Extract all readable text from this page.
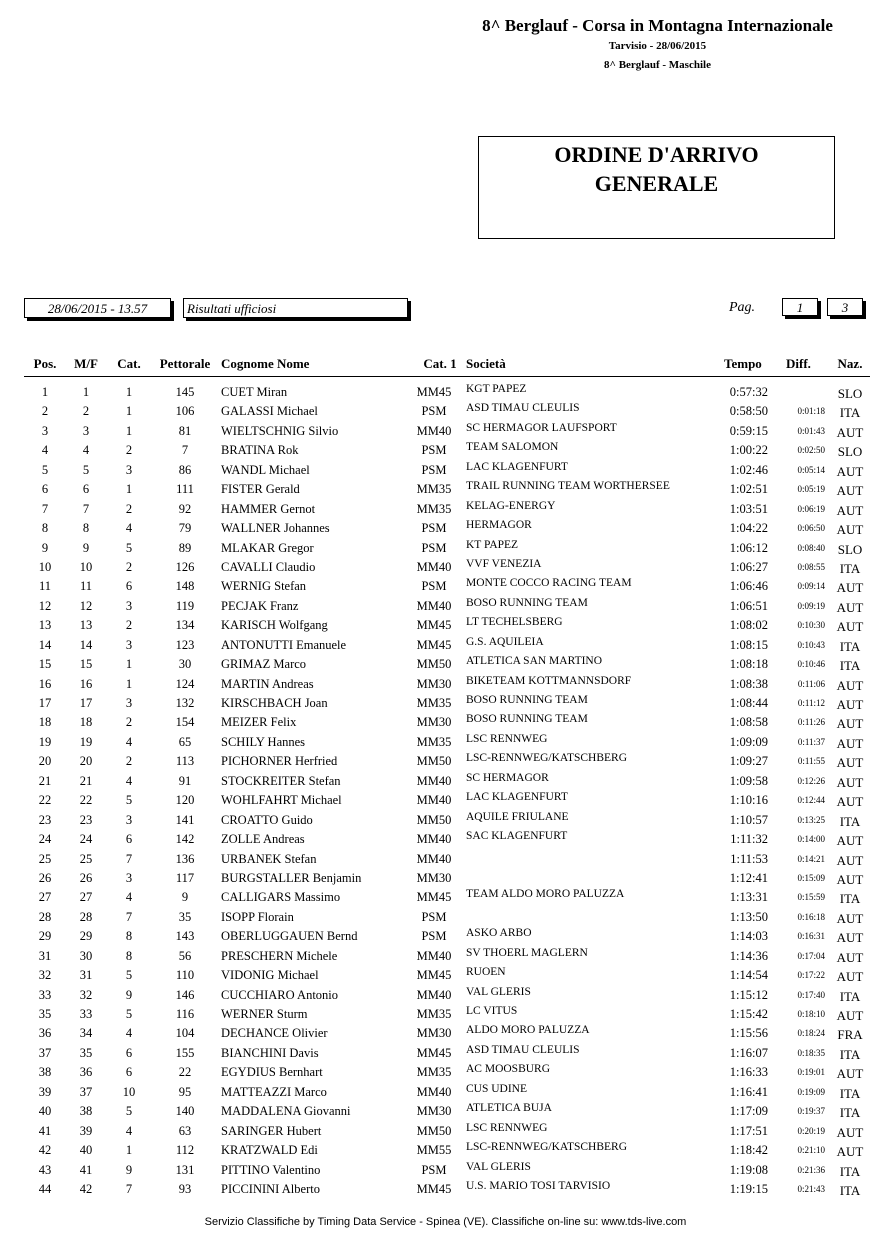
8^ Berglauf - Corsa in Montagna Internazionale
Tarvisio - 28/06/2015
8^ Berglauf - Maschile
ORDINE D'ARRIVO
GENERALE
28/06/2015 - 13.57	Risultati ufficiosi	Pag.	1	3
Pos.	M/F	Cat.	Pettorale Cognome Nome	Cat. 1 Società	Tempo	Diff.	Naz.
1	1	1	145	CUET Miran	MM45	KGT PAPEZ	0:57:32	SLO
2	2	1	106	GALASSI Michael	PSM	ASD TIMAU CLEULIS	0:58:50	0:01:18	ITA
3	3	1	81	WIELTSCHNIG Silvio	MM40	SC HERMAGOR LAUFSPORT	0:59:15	0:01:43 AUT
4	4	2	7	BRATINA Rok	PSM	TEAM SALOMON	1:00:22	0:02:50 SLO
5	5	3	86	WANDL Michael	PSM	LAC KLAGENFURT	1:02:46	0:05:14 AUT
6	6	1	111	FISTER Gerald	MM35	TRAIL RUNNING TEAM WORTHERSEE	1:02:51	0:05:19 AUT
7	7	2	92	HAMMER Gernot	MM35	KELAG-ENERGY	1:03:51	0:06:19 AUT
8	8	4	79	WALLNER Johannes	PSM	HERMAGOR	1:04:22	0:06:50 AUT
9	9	5	89	MLAKAR Gregor	PSM	KT PAPEZ	1:06:12	0:08:40 SLO
10	10	2	126	CAVALLI Claudio	MM40	VVF VENEZIA	1:06:27	0:08:55	ITA
11	11	6	148	WERNIG Stefan	PSM	MONTE COCCO RACING TEAM	1:06:46	0:09:14 AUT
12	12	3	119	PECJAK Franz	MM40	BOSO RUNNING TEAM	1:06:51	0:09:19 AUT
13	13	2	134	KARISCH Wolfgang	MM45	LT TECHELSBERG	1:08:02	0:10:30 AUT
14	14	3	123	ANTONUTTI Emanuele	MM45	G.S. AQUILEIA	1:08:15	0:10:43	ITA
15	15	1	30	GRIMAZ Marco	MM50	ATLETICA SAN MARTINO	1:08:18	0:10:46	ITA
16	16	1	124	MARTIN Andreas	MM30	BIKETEAM KOTTMANNSDORF	1:08:38	0:11:06 AUT
17	17	3	132	KIRSCHBACH Joan	MM35	BOSO RUNNING TEAM	1:08:44	0:11:12 AUT
18	18	2	154	MEIZER Felix	MM30	BOSO RUNNING TEAM	1:08:58	0:11:26 AUT
19	19	4	65	SCHILY Hannes	MM35	LSC RENNWEG	1:09:09	0:11:37 AUT
20	20	2	113	PICHORNER Herfried	MM50	LSC-RENNWEG/KATSCHBERG	1:09:27	0:11:55 AUT
21	21	4	91	STOCKREITER Stefan	MM40	SC HERMAGOR	1:09:58	0:12:26 AUT
22	22	5	120	WOHLFAHRT Michael	MM40	LAC KLAGENFURT	1:10:16	0:12:44 AUT
23	23	3	141	CROATTO Guido	MM50	AQUILE FRIULANE	1:10:57	0:13:25	ITA
24	24	6	142	ZOLLE Andreas	MM40	SAC KLAGENFURT	1:11:32	0:14:00 AUT
25	25	7	136	URBANEK Stefan	MM40	1:11:53	0:14:21 AUT
26	26	3	117	BURGSTALLER Benjamin	MM30	1:12:41	0:15:09 AUT
27	27	4	9	CALLIGARS Massimo	MM45	TEAM ALDO MORO PALUZZA	1:13:31	0:15:59	ITA
28	28	7	35	ISOPP Florain	PSM	1:13:50	0:16:18 AUT
29	29	8	143	OBERLUGGAUEN Bernd	PSM	ASKO ARBO	1:14:03	0:16:31 AUT
31	30	8	56	PRESCHERN Michele	MM40	SV THOERL MAGLERN	1:14:36	0:17:04 AUT
32	31	5	110	VIDONIG Michael	MM45	RUOEN	1:14:54	0:17:22 AUT
33	32	9	146	CUCCHIARO Antonio	MM40	VAL GLERIS	1:15:12	0:17:40	ITA
35	33	5	116	WERNER Sturm	MM35	LC VITUS	1:15:42	0:18:10 AUT
36	34	4	104	DECHANCE Olivier	MM30	ALDO MORO PALUZZA	1:15:56	0:18:24 FRA
37	35	6	155	BIANCHINI Davis	MM45	ASD TIMAU CLEULIS	1:16:07	0:18:35	ITA
38	36	6	22	EGYDIUS Bernhart	MM35	AC MOOSBURG	1:16:33	0:19:01 AUT
39	37	10	95	MATTEAZZI Marco	MM40	CUS UDINE	1:16:41	0:19:09	ITA
40	38	5	140	MADDALENA Giovanni	MM30	ATLETICA BUJA	1:17:09	0:19:37	ITA
41	39	4	63	SARINGER Hubert	MM50	LSC RENNWEG	1:17:51	0:20:19 AUT
42	40	1	112	KRATZWALD Edi	MM55	LSC-RENNWEG/KATSCHBERG	1:18:42	0:21:10 AUT
43	41	9	131	PITTINO Valentino	PSM	VAL GLERIS	1:19:08	0:21:36	ITA
44	42	7	93	PICCININI Alberto	MM45	U.S. MARIO TOSI TARVISIO	1:19:15	0:21:43	ITA
Servizio Classifiche by Timing Data Service - Spinea (VE). Classifiche on-line su: www.tds-live.com
